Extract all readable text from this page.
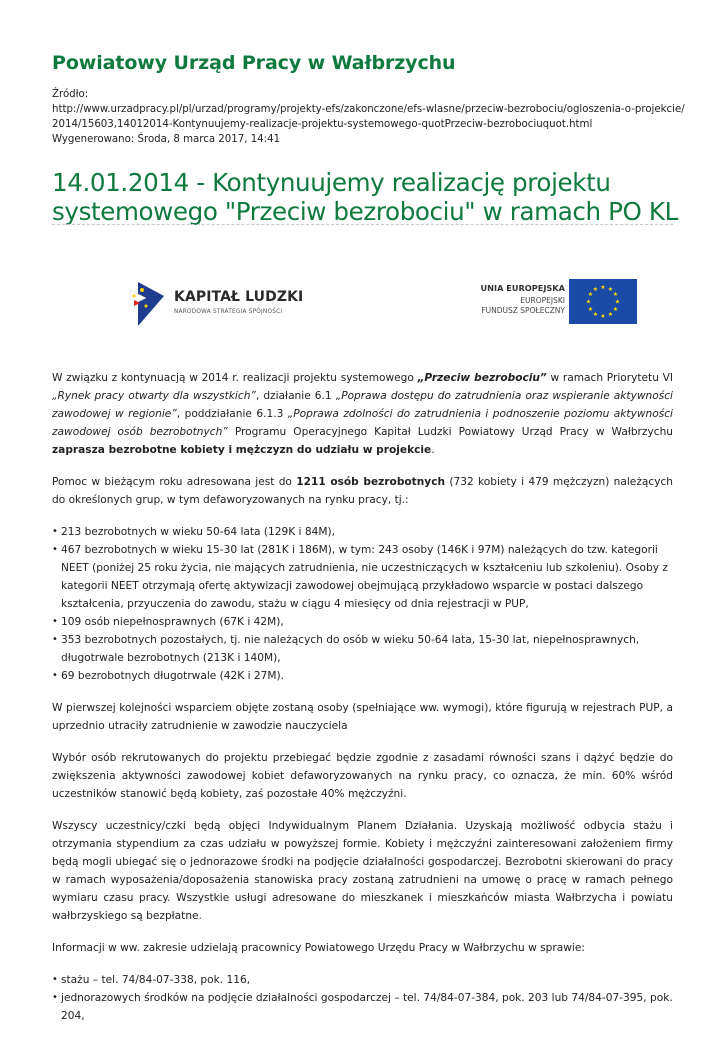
Powiatowy Urząd Pracy w Wałbrzychu
Źródło:
http://www.urzadpracy.pl/pl/urzad/programy/projekty-efs/zakonczone/efs-wlasne/przeciw-bezrobociu/ogloszenia-o-projekcie/
2014/15603,14012014-Kontynuujemy-realizacje-projektu-systemowego-quotPrzeciw-bezrobociuquot.html
Wygenerowano: Środa, 8 marca 2017, 14:41
14.01.2014 - Kontynuujemy realizację projektu systemowego "Przeciw bezrobociu" w ramach PO KL
KAPITAŁ LUDZKI
NARODOWA STRATEGIA SPÓJNOŚCI
UNIA EUROPEJSKA
EUROPEJSKI
FUNDUSZ SPOŁECZNY
★ ★
★
★
★
★
★
★
★
★
★
★

W związku z kontynuacją w 2014 r. realizacji projektu systemowego „Przeciw bezrobociu” w ramach Priorytetu VI „Rynek pracy otwarty dla wszystkich”, działanie 6.1 „Poprawa dostępu do zatrudnienia oraz wspieranie aktywności zawodowej w regionie”, poddziałanie 6.1.3 „Poprawa zdolności do zatrudnienia i podnoszenie poziomu aktywności zawodowej osób bezrobotnych” Programu Operacyjnego Kapitał Ludzki Powiatowy Urząd Pracy w Wałbrzychu zaprasza bezrobotne kobiety i mężczyzn do udziału w projekcie.

Pomoc w bieżącym roku adresowana jest do 1211 osób bezrobotnych (732 kobiety i 479 mężczyzn) należących do określonych grup, w tym defaworyzowanych na rynku pracy, tj.:

• 213 bezrobotnych w wieku 50-64 lata (129K i 84M),
• 467 bezrobotnych w wieku 15-30 lat (281K i 186M), w tym: 243 osoby (146K i 97M) należących do tzw. kategorii NEET (poniżej 25 roku życia, nie mających zatrudnienia, nie uczestniczących w kształceniu lub szkoleniu). Osoby z kategorii NEET otrzymają ofertę aktywizacji zawodowej obejmującą przykładowo wsparcie w postaci dalszego kształcenia, przyuczenia do zawodu, stażu w ciągu 4 miesięcy od dnia rejestracji w PUP,
• 109 osób niepełnosprawnych (67K i 42M),
• 353 bezrobotnych pozostałych, tj. nie należących do osób w wieku 50-64 lata, 15-30 lat, niepełnosprawnych, długotrwale bezrobotnych (213K i 140M),
• 69 bezrobotnych długotrwale (42K i 27M).

W pierwszej kolejności wsparciem objęte zostaną osoby (spełniające ww. wymogi), które figurują w rejestrach PUP, a uprzednio utraciły zatrudnienie w zawodzie nauczyciela

Wybór osób rekrutowanych do projektu przebiegać będzie zgodnie z zasadami równości szans i dążyć będzie do zwiększenia aktywności zawodowej kobiet defaworyzowanych na rynku pracy, co oznacza, że min. 60% wśród uczestników stanowić będą kobiety, zaś pozostałe 40% mężczyźni.

Wszyscy uczestnicy/czki będą objęci Indywidualnym Planem Działania. Uzyskają możliwość odbycia stażu i otrzymania stypendium za czas udziału w powyższej formie. Kobiety i mężczyźni zainteresowani założeniem firmy będą mogli ubiegać się o jednorazowe środki na podjęcie działalności gospodarczej. Bezrobotni skierowani do pracy w ramach wyposażenia/doposażenia stanowiska pracy zostaną zatrudnieni na umowę o pracę w ramach pełnego wymiaru czasu pracy. Wszystkie usługi adresowane do mieszkanek i mieszkańców miasta Wałbrzycha i powiatu wałbrzyskiego są bezpłatne.

Informacji w ww. zakresie udzielają pracownicy Powiatowego Urzędu Pracy w Wałbrzychu w sprawie:

• stażu – tel. 74/84-07-338, pok. 116,
• jednorazowych środków na podjęcie działalności gospodarczej – tel. 74/84-07-384, pok. 203 lub 74/84-07-395, pok. 204,
